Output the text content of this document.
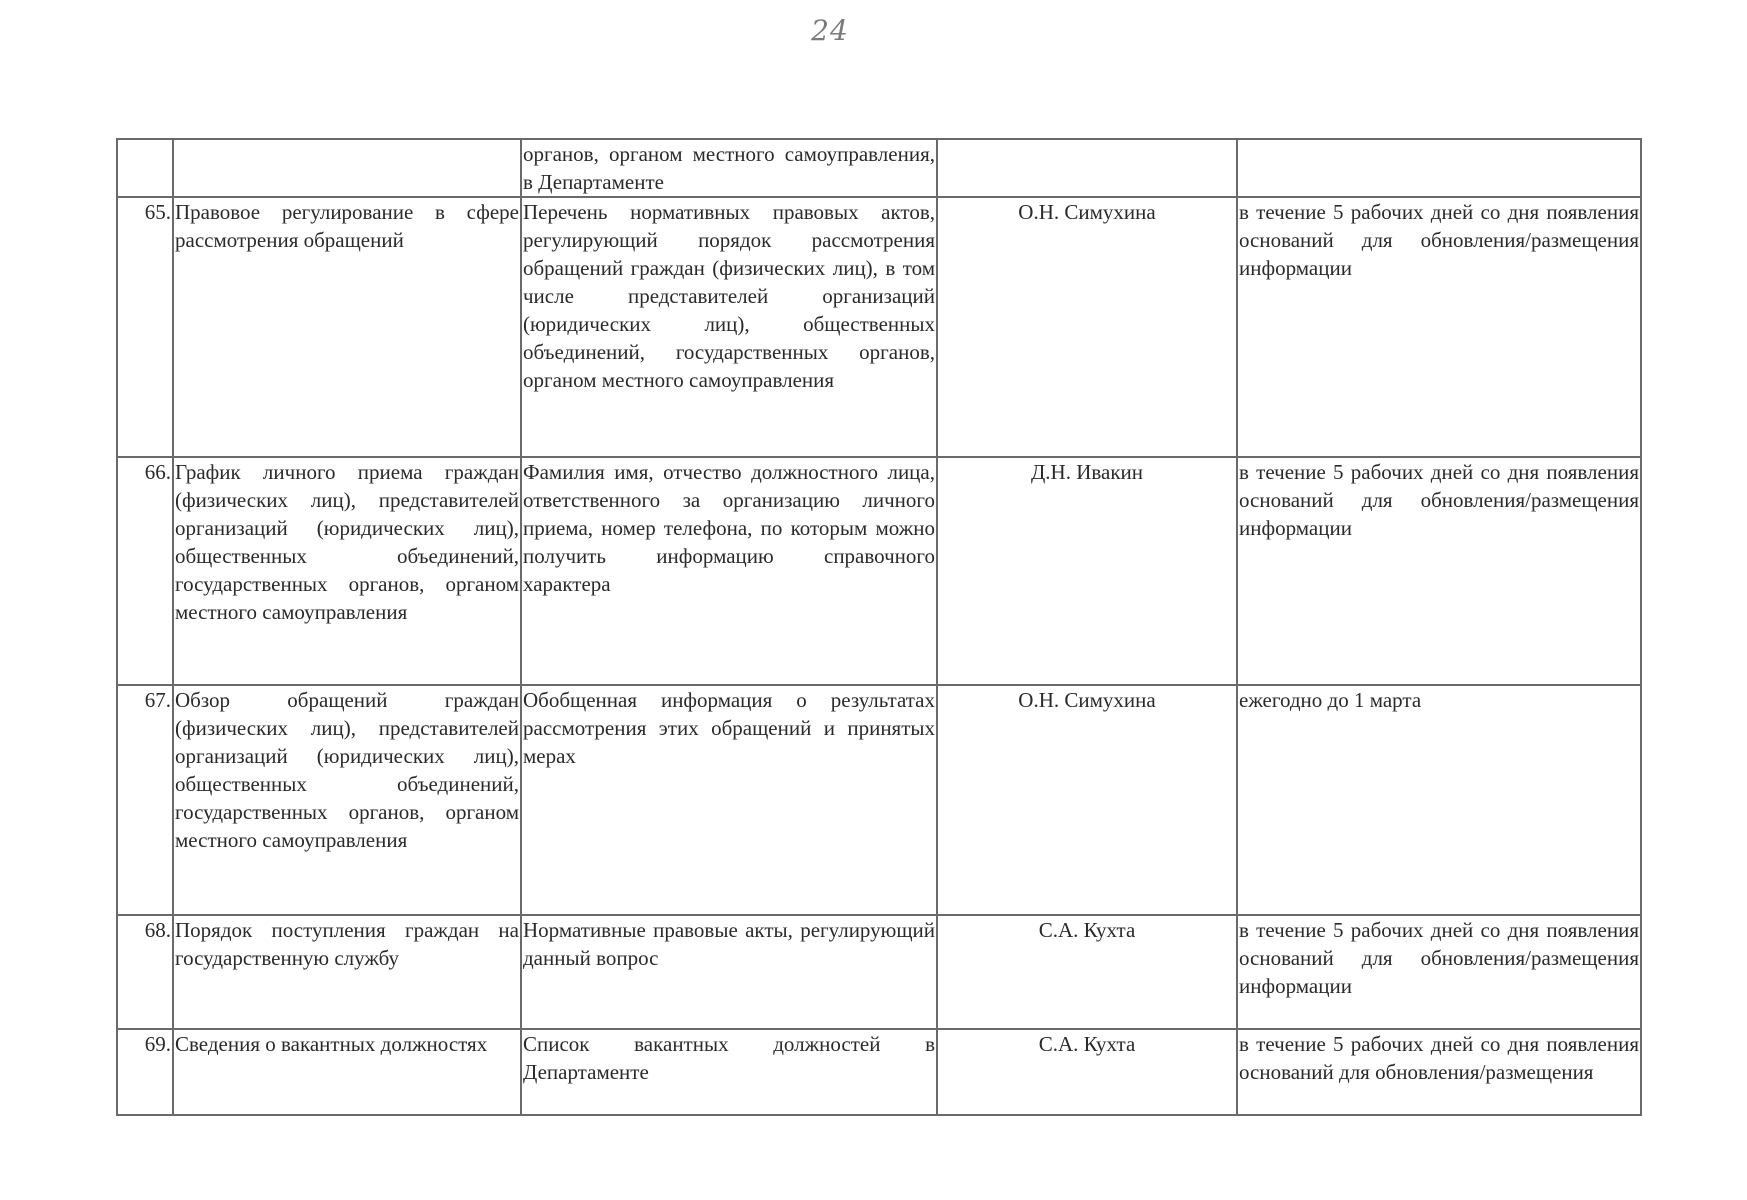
24
		органов, органом местного самоуправления, в Департаменте		
65.	Правовое регулирование в сфере рассмотрения обращений	Перечень нормативных правовых актов, регулирующий порядок рассмотрения обращений граждан (физических лиц), в том числе представителей организаций (юридических лиц), общественных объединений, государственных органов, органом местного самоуправления	О.Н. Симухина	в течение 5 рабочих дней со дня появления оснований для обновления/размещения информации
66.	График личного приема граждан (физических лиц), представителей организаций (юридических лиц), общественных объединений, государственных органов, органом местного самоуправления	Фамилия имя, отчество должностного лица, ответственного за организацию личного приема, номер телефона, по которым можно получить информацию справочного характера	Д.Н. Ивакин	в течение 5 рабочих дней со дня появления оснований для обновления/размещения информации
67.	Обзор обращений граждан (физических лиц), представителей организаций (юридических лиц), общественных объединений, государственных органов, органом местного самоуправления	Обобщенная информация о результатах рассмотрения этих обращений и принятых мерах	О.Н. Симухина	ежегодно до 1 марта
68.	Порядок поступления граждан на государственную службу	Нормативные правовые акты, регулирующий данный вопрос	С.А. Кухта	в течение 5 рабочих дней со дня появления оснований для обновления/размещения информации
69.	Сведения о вакантных должностях	Список вакантных должностей в Департаменте	С.А. Кухта	в течение 5 рабочих дней со дня появления оснований для обновления/размещения
